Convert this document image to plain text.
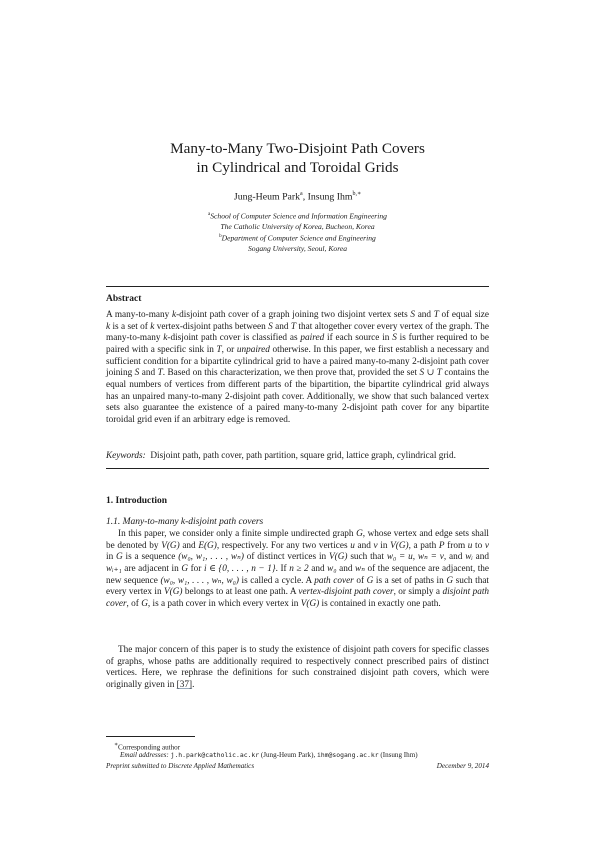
Many-to-Many Two-Disjoint Path Covers
in Cylindrical and Toroidal Grids
Jung-Heum Park$^a$, Insung Ihm$^{b,∗}$
$^a$School of Computer Science and Information Engineering
The Catholic University of Korea, Bucheon, Korea
$^b$Department of Computer Science and Engineering
Sogang University, Seoul, Korea
Abstract
A many-to-many k-disjoint path cover of a graph joining two disjoint vertex sets S and T of equal size k is a set of k vertex-disjoint paths between S and T that altogether cover every vertex of the graph. The many-to-many k-disjoint path cover is classified as paired if each source in S is further required to be paired with a specific sink in T, or unpaired otherwise. In this paper, we first establish a necessary and sufficient condition for a bipartite cylindrical grid to have a paired many-to-many 2-disjoint path cover joining S and T. Based on this characterization, we then prove that, provided the set S ∪ T contains the equal numbers of vertices from different parts of the bipartition, the bipartite cylindrical grid always has an unpaired many-to-many 2-disjoint path cover. Additionally, we show that such balanced vertex sets also guarantee the existence of a paired many-to-many 2-disjoint path cover for any bipartite toroidal grid even if an arbitrary edge is removed.
Keywords: Disjoint path, path cover, path partition, square grid, lattice graph, cylindrical grid.
1. Introduction
1.1. Many-to-many k-disjoint path covers

In this paper, we consider only a finite simple undirected graph G, whose vertex and edge sets shall be denoted by V(G) and E(G), respectively. For any two vertices u and v in V(G), a path P from u to v in G is a sequence (w₀, w₁, . . . , wₙ) of distinct vertices in V(G) such that w₀ = u, wₙ = v, and wᵢ and wᵢ₊₁ are adjacent in G for i ∈ {0, . . . , n − 1}. If n ≥ 2 and w₀ and wₙ of the sequence are adjacent, the new sequence (w₀, w₁, . . . , wₙ, w₀) is called a cycle. A path cover of G is a set of paths in G such that every vertex in V(G) belongs to at least one path. A vertex-disjoint path cover, or simply a disjoint path cover, of G, is a path cover in which every vertex in V(G) is contained in exactly one path.

The major concern of this paper is to study the existence of disjoint path covers for specific classes of graphs, whose paths are additionally required to respectively connect prescribed pairs of distinct vertices. Here, we rephrase the definitions for such constrained disjoint path covers, which were originally given in [37].

∗Corresponding author
Email addresses: j.h.park@catholic.ac.kr (Jung-Heum Park), ihm@sogang.ac.kr (Insung Ihm)
Preprint submitted to Discrete Applied Mathematics	December 9, 2014
